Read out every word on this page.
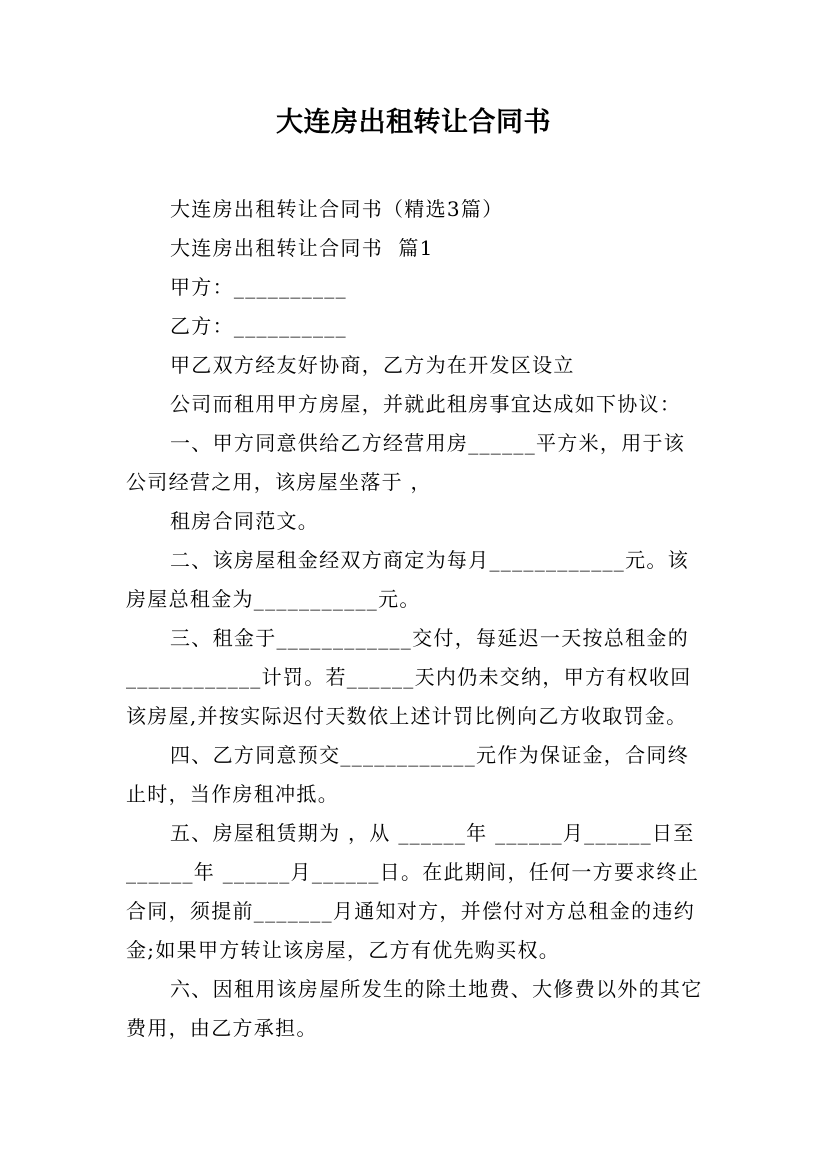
大连房出租转让合同书

大连房出租转让合同书（精选3篇）

大连房出租转让合同书  篇1

甲方：__________

乙方：__________

甲乙双方经友好协商，乙方为在开发区设立

公司而租用甲方房屋，并就此租房事宜达成如下协议：

一、甲方同意供给乙方经营用房______平方米，用于该公司经营之用，该房屋坐落于 ，

租房合同范文。

二、该房屋租金经双方商定为每月____________元。该房屋总租金为___________元。

三、租金于____________交付，每延迟一天按总租金的____________计罚。若______天内仍未交纳，甲方有权收回该房屋,并按实际迟付天数依上述计罚比例向乙方收取罚金。

四、乙方同意预交____________元作为保证金，合同终止时，当作房租冲抵。

五、房屋租赁期为 ，从 ______年 ______月______日至______年 ______月______日。在此期间，任何一方要求终止合同，须提前_______月通知对方，并偿付对方总租金的违约金;如果甲方转让该房屋，乙方有优先购买权。

六、因租用该房屋所发生的除土地费、大修费以外的其它费用，由乙方承担。
